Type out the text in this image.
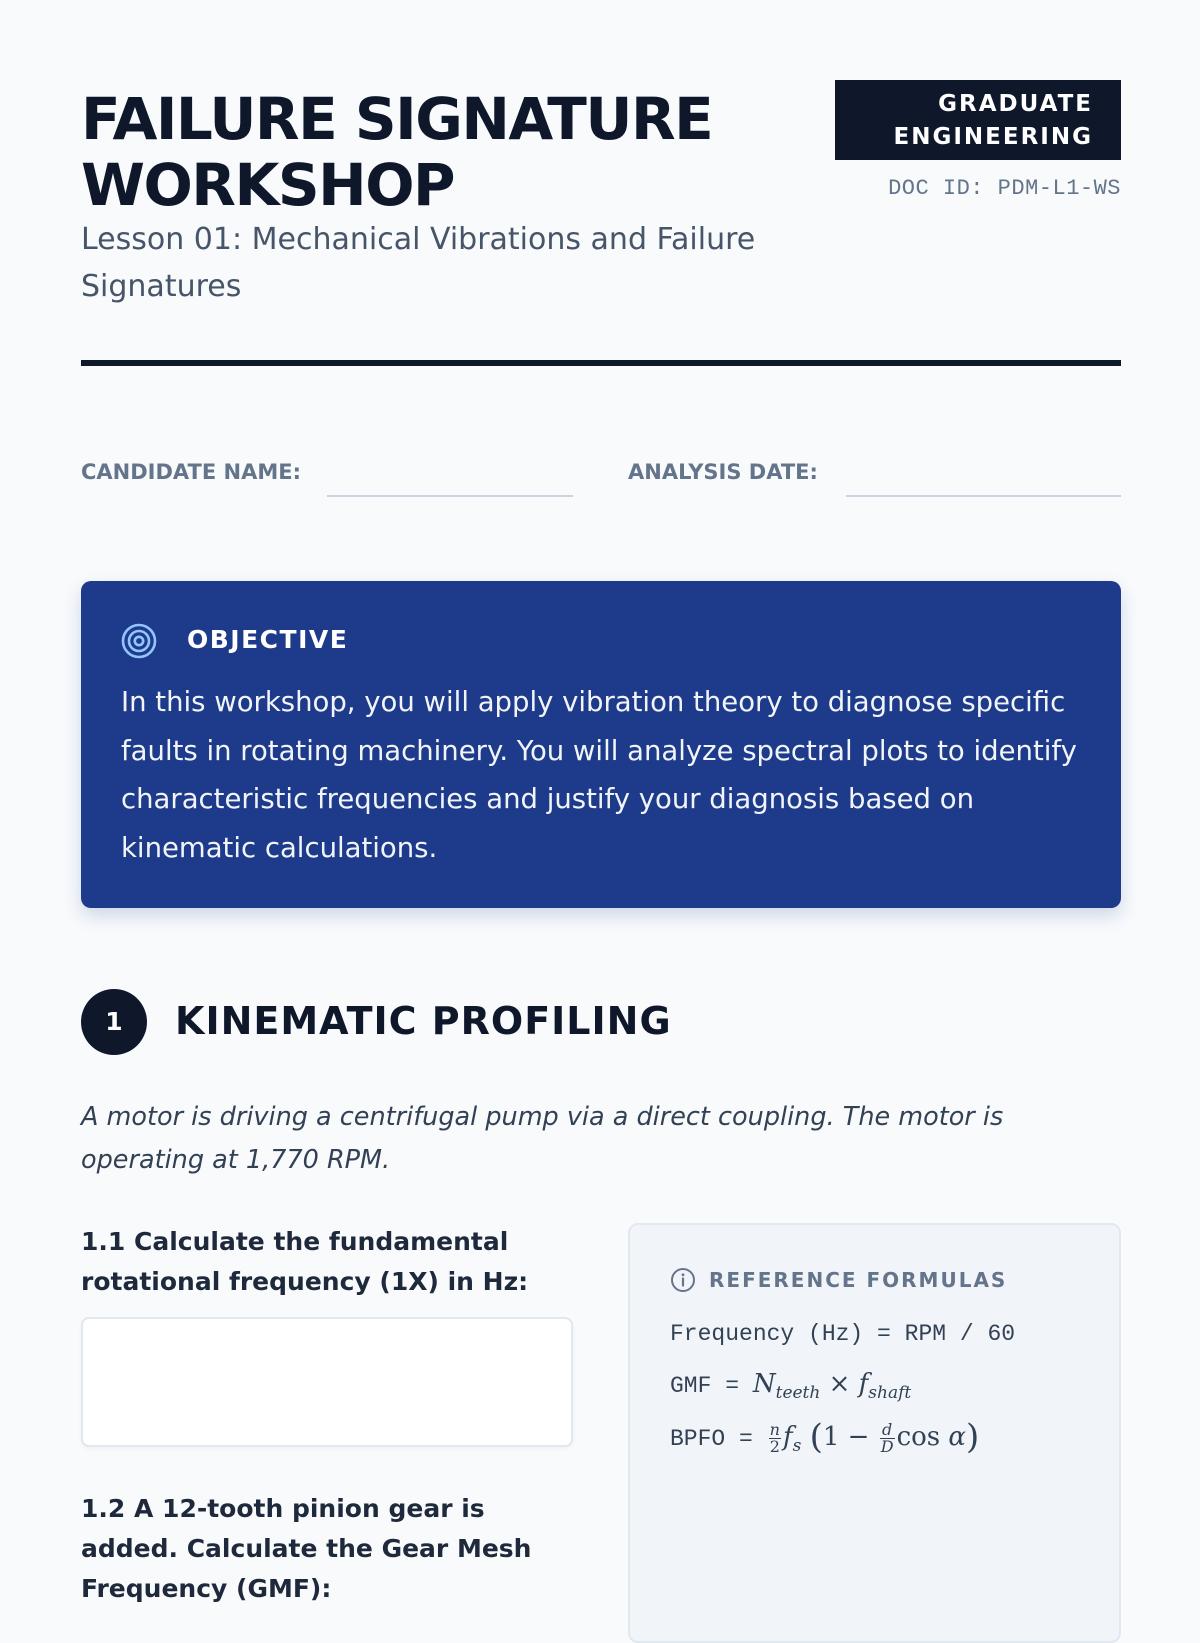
FAILURE SIGNATURE WORKSHOP
Lesson 01: Mechanical Vibrations and Failure Signatures
GRADUATE ENGINEERING
DOC ID: PDM-L1-WS
CANDIDATE NAME:	ANALYSIS DATE:
OBJECTIVE
In this workshop, you will apply vibration theory to diagnose specific faults in rotating machinery. You will analyze spectral plots to identify characteristic frequencies and justify your diagnosis based on kinematic calculations.
1	KINEMATIC PROFILING
A motor is driving a centrifugal pump via a direct coupling. The motor is operating at 1,770 RPM.
1.1 Calculate the fundamental rotational frequency (1X) in Hz:
1.2 A 12-tooth pinion gear is added. Calculate the Gear Mesh Frequency (GMF):
REFERENCE FORMULAS
Frequency (Hz) = RPM / 60
GMF = $N_{teeth} \times f_{shaft}$
BPFO = $\frac{n}{2} f_s$ ($1 - \frac{d}{D}$ cos α)
